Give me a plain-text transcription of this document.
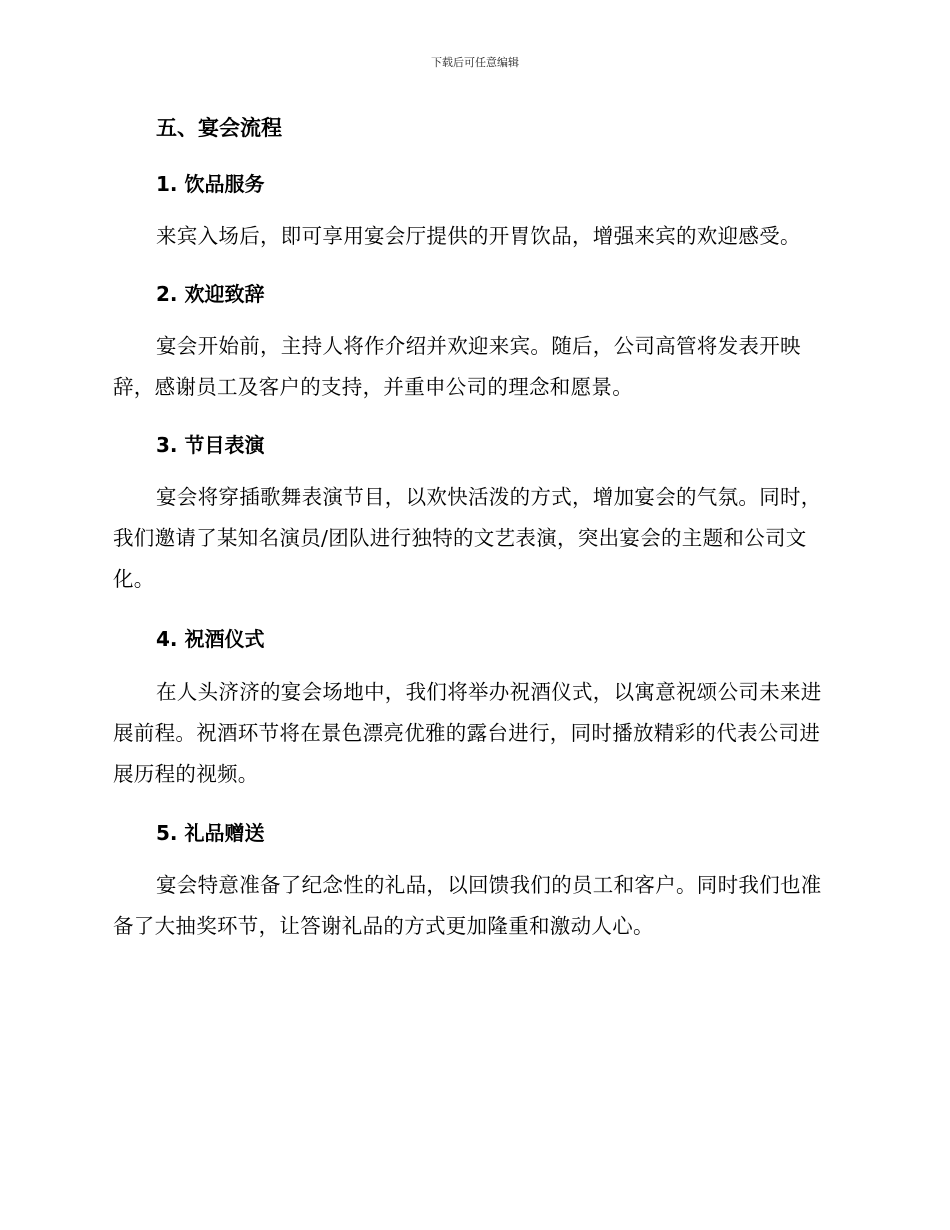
下载后可任意编辑
五、宴会流程
1. 饮品服务
来宾入场后，即可享用宴会厅提供的开胃饮品，增强来宾的欢迎感受。
2. 欢迎致辞
宴会开始前，主持人将作介绍并欢迎来宾。随后，公司高管将发表开映辞，感谢员工及客户的支持，并重申公司的理念和愿景。
3. 节目表演
宴会将穿插歌舞表演节目，以欢快活泼的方式，增加宴会的气氛。同时，我们邀请了某知名演员/团队进行独特的文艺表演，突出宴会的主题和公司文化。
4. 祝酒仪式
在人头济济的宴会场地中，我们将举办祝酒仪式，以寓意祝颂公司未来进展前程。祝酒环节将在景色漂亮优雅的露台进行，同时播放精彩的代表公司进展历程的视频。
5. 礼品赠送
宴会特意准备了纪念性的礼品，以回馈我们的员工和客户。同时我们也准备了大抽奖环节，让答谢礼品的方式更加隆重和激动人心。
